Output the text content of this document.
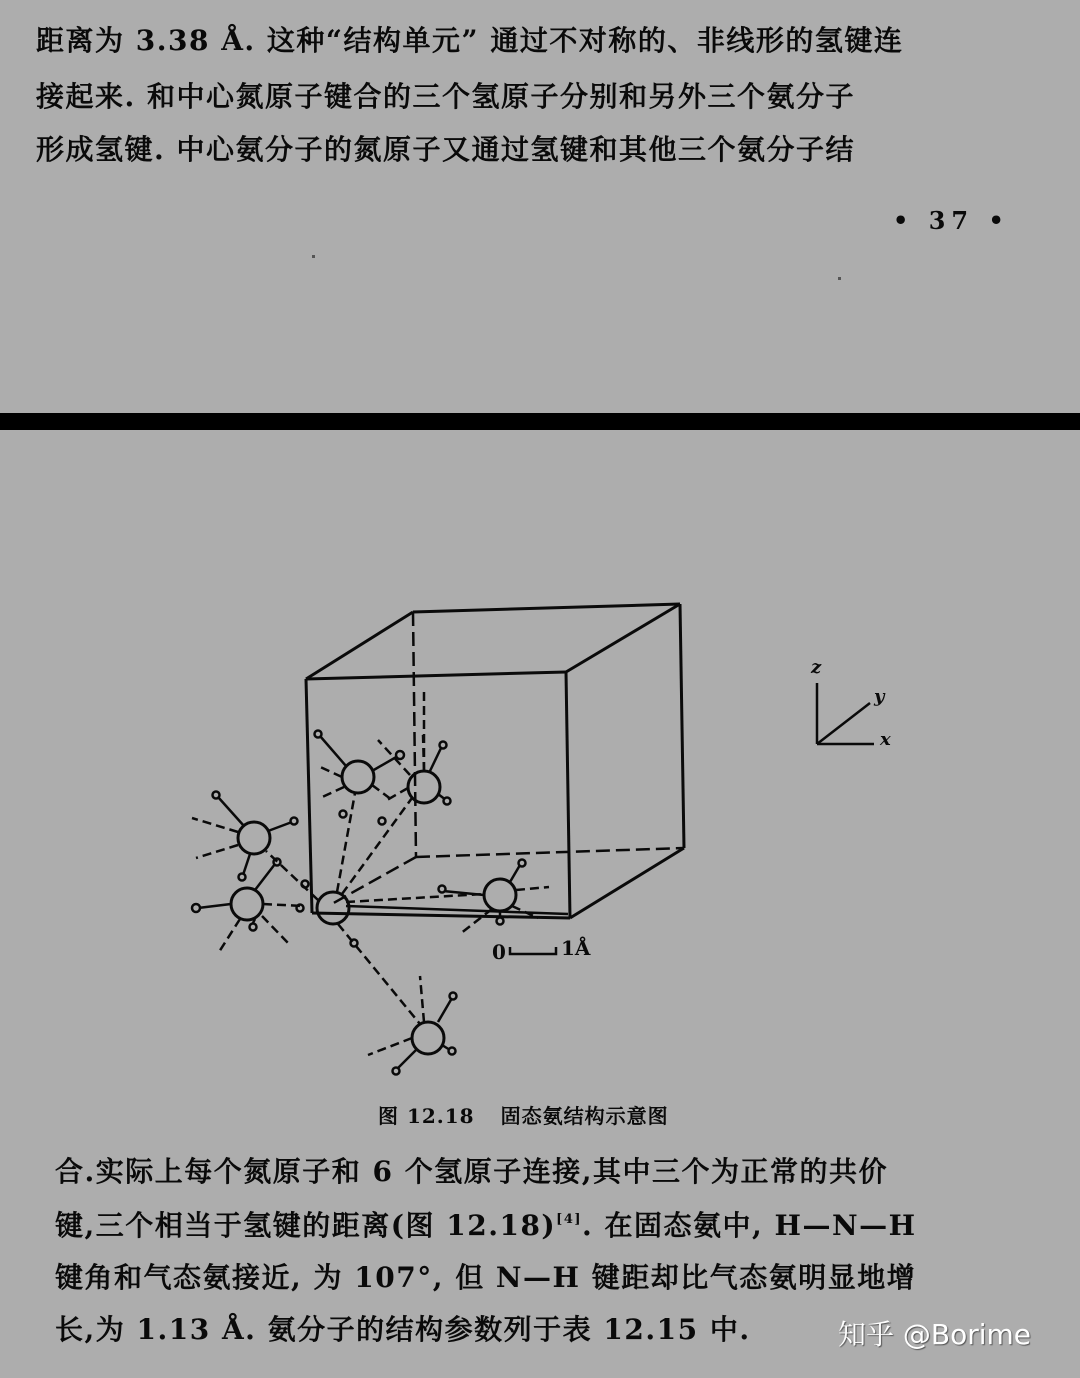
距离为 3.38 Å. 这种“结构单元” 通过不对称的、非线形的氢键连
接起来. 和中心氮原子键合的三个氢原子分别和另外三个氨分子
形成氢键. 中心氨分子的氮原子又通过氢键和其他三个氨分子结
• 37 •
0	1Å
z
y
x
图 12.18 固态氨结构示意图
合.实际上每个氮原子和 6 个氢原子连接,其中三个为正常的共价
键,三个相当于氢键的距离(图 12.18)[4]. 在固态氨中, H—N—H
键角和气态氨接近, 为 107°, 但 N—H 键距却比气态氨明显地增
长,为 1.13 Å. 氨分子的结构参数列于表 12.15 中.	知乎 @Borime
